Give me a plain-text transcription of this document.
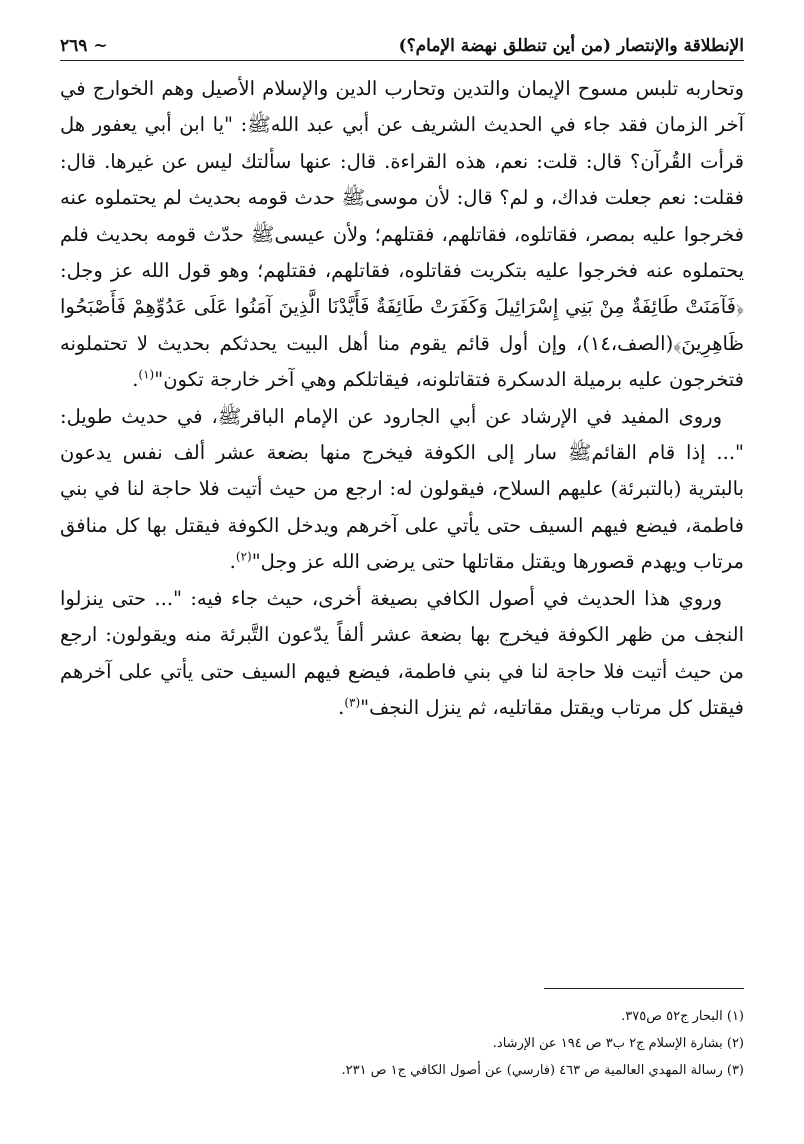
الإنطلاقة والإنتصار (من أين تنطلق نهضة الإمام؟)
~ ٢٦٩

وتحاربه تلبس مسوح الإيمان والتدين وتحارب الدين والإسلام الأصيل وهم الخوارج في آخر الزمان فقد جاء في الحديث الشريف عن أبي عبد الله‏ﷺ: "يا ابن أبي يعفور هل قرأت القُرآن؟ قال: قلت: نعم، هذه القراءة. قال: عنها سألتك ليس عن غيرها. قال: فقلت: نعم جعلت فداك، و لم؟ قال: لأن موسى‏ﷺ حدث قومه بحديث لم يحتملوه عنه فخرجوا عليه بمصر، فقاتلوه، فقاتلهم، فقتلهم؛ ولأن عيسى‏ﷺ حدّث قومه بحديث فلم يحتملوه عنه فخرجوا عليه بتكريت فقاتلوه، فقاتلهم، فقتلهم؛ وهو قول الله عز وجل: ﴿فَآمَنَتْ طَائِفَةٌ مِنْ بَنِي إِسْرَائِيلَ وَكَفَرَتْ طَائِفَةٌ فَأَيَّدْنَا الَّذِينَ آمَنُوا عَلَى عَدُوِّهِمْ فَأَصْبَحُوا ظَاهِرِينَ﴾(الصف،١٤)، وإن أول قائم يقوم منا أهل البيت يحدثكم بحديث لا تحتملونه فتخرجون عليه برميلة الدسكرة فتقاتلونه، فيقاتلكم وهي آخر خارجة تكون"$^{(١)}$.

وروى المفيد في الإرشاد عن أبي الجارود عن الإمام الباقر‏ﷺ، في حديث طويل: "... إذا قام القائم‏ﷺ سار إلى الكوفة فيخرج منها بضعة عشر ألف نفس يدعون بالبترية (بالتبرئة) عليهم السلاح، فيقولون له: ارجع من حيث أتيت فلا حاجة لنا في بني فاطمة، فيضع فيهم السيف حتى يأتي على آخرهم ويدخل الكوفة فيقتل بها كل منافق مرتاب ويهدم قصورها ويقتل مقاتلها حتى يرضى الله عز وجل"$^{(٢)}$.

وروي هذا الحديث في أصول الكافي بصيغة أخرى، حيث جاء فيه: "... حتى ينزلوا النجف من ظهر الكوفة فيخرج بها بضعة عشر ألفاً يدّعون التَّبرئة منه ويقولون: ارجع من حيث أتيت فلا حاجة لنا في بني فاطمة، فيضع فيهم السيف حتى يأتي على آخرهم فيقتل كل مرتاب ويقتل مقاتليه، ثم ينزل النجف"$^{(٣)}$.

(١) البحار ج٥٢ ص٣٧٥.

(٢) بشارة الإسلام ج٢ ب٣ ص ١٩٤ عن الإرشاد.

(٣) رسالة المهدي العالمية ص ٤٦٣ (فارسي) عن أصول الكافي ج١ ص ٢٣١.
